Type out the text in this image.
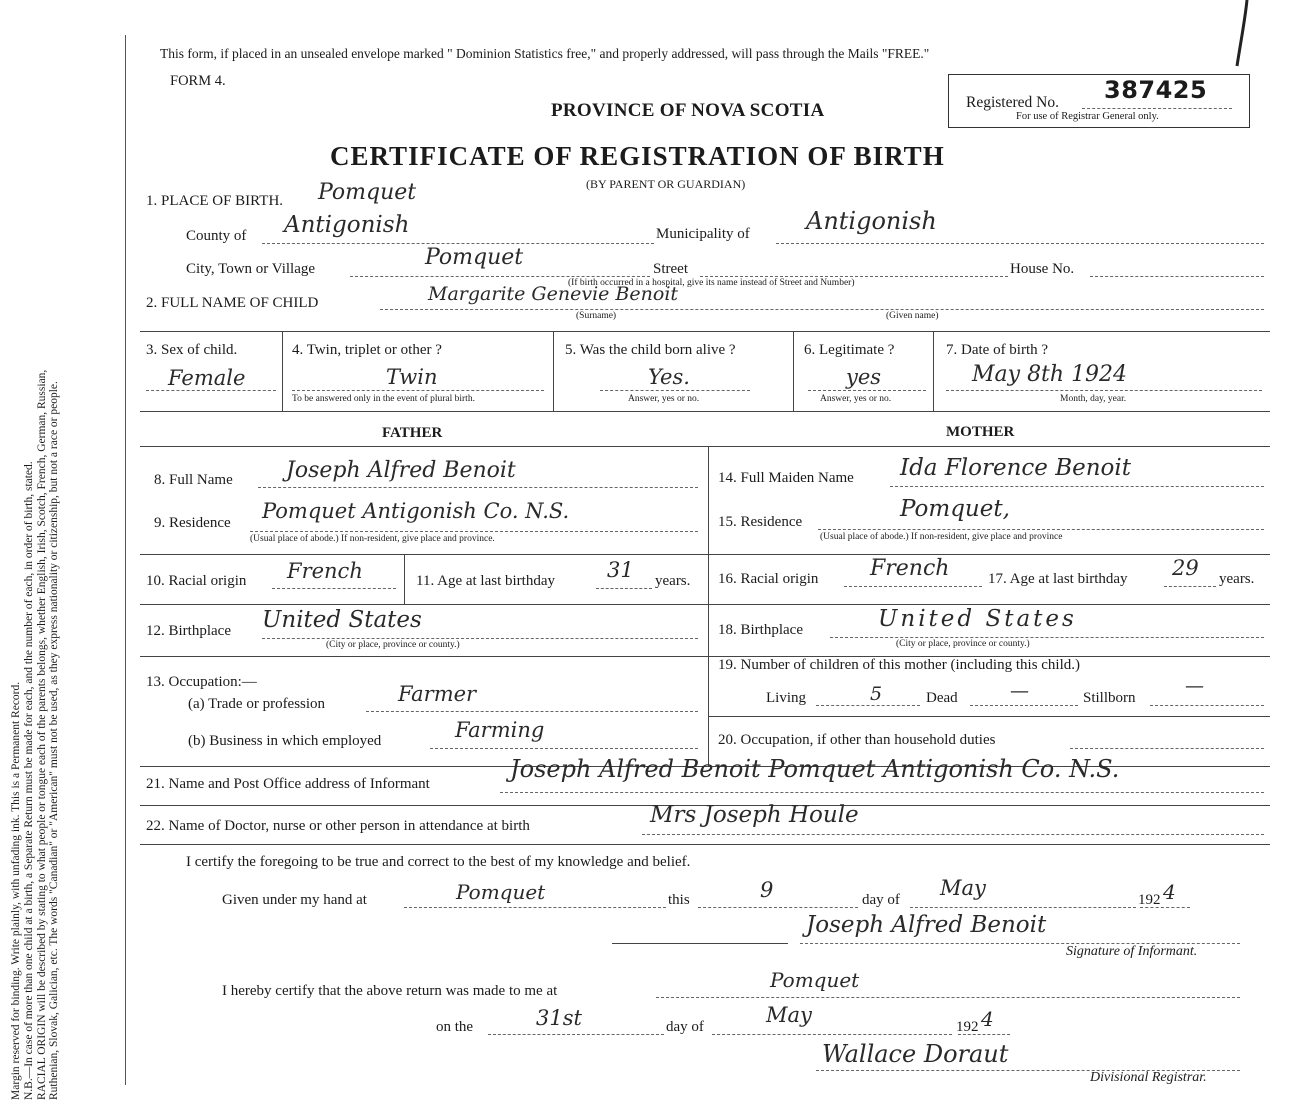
Margin reserved for binding. Write plainly, with unfading ink. This is a Permanent Record. N.B.—In case of more than one child at a birth, a Separate Return must be made for each, and the number of each, in order of birth, stated. RACIAL ORIGIN will be described by stating to what people or tongue each of the parents belongs, whether English, Irish, Scotch, French, German, Russian, Ruthenian, Slovak, Galician, etc. The words "Canadian" or "American" must not be used, as they express nationality or citizenship, but not a race or people.
This form, if placed in an unsealed envelope marked " Dominion Statistics free," and properly addressed, will pass through the Mails "FREE."
FORM 4.
Registered No. 387425
For use of Registrar General only.
PROVINCE OF NOVA SCOTIA
CERTIFICATE OF REGISTRATION OF BIRTH
(BY PARENT OR GUARDIAN)
1. PLACE OF BIRTH. Pomquet
County of Antigonish	Municipality of Antigonish
City, Town or Village	Pomquet	Street	House No.
(If birth occurred in a hospital, give its name instead of Street and Number)
2. FULL NAME OF CHILD	Margarite Genevie Benoit
(Surname)	(Given name)
3. Sex of child.
Female
4. Twin, triplet or other ?
Twin
To be answered only in the event of plural birth.
5. Was the child born alive ?
Yes.
Answer, yes or no.
6. Legitimate ?
yes
Answer, yes or no.
7. Date of birth ?
May 8th 1924
Month, day, year.
FATHER	MOTHER
8. Full Name Joseph Alfred Benoit
9. Residence Pomquet Antigonish Co. N.S.
(Usual place of abode.) If non-resident, give place and province.
10. Racial origin French	11. Age at last birthday 31 years.
12. Birthplace United States
(City or place, province or county.)
13. Occupation:—
(a) Trade or profession	Farmer
(b) Business in which employed	Farming
14. Full Maiden Name Ida Florence Benoit
15. Residence	Pomquet,
(Usual place of abode.) If non-resident, give place and province
16. Racial origin French	17. Age at last birthday 29 years.
18. Birthplace	United States
(City or place, province or county.)
19. Number of children of this mother (including this child.)
Living	5	Dead	—	Stillborn
—
20. Occupation, if other than household duties
21. Name and Post Office address of Informant
Joseph Alfred Benoit Pomquet Antigonish Co. N.S.
22. Name of Doctor, nurse or other person in attendance at birth	Mrs Joseph Houle
I certify the foregoing to be true and correct to the best of my knowledge and belief.
Given under my hand at	Pomquet	this	9	day of May	192 4
Joseph Alfred Benoit
Signature of Informant.
I hereby certify that the above return was made to me at	Pomquet
on the	31st	day of	May	192 4
Wallace Doraut
Divisional Registrar.
